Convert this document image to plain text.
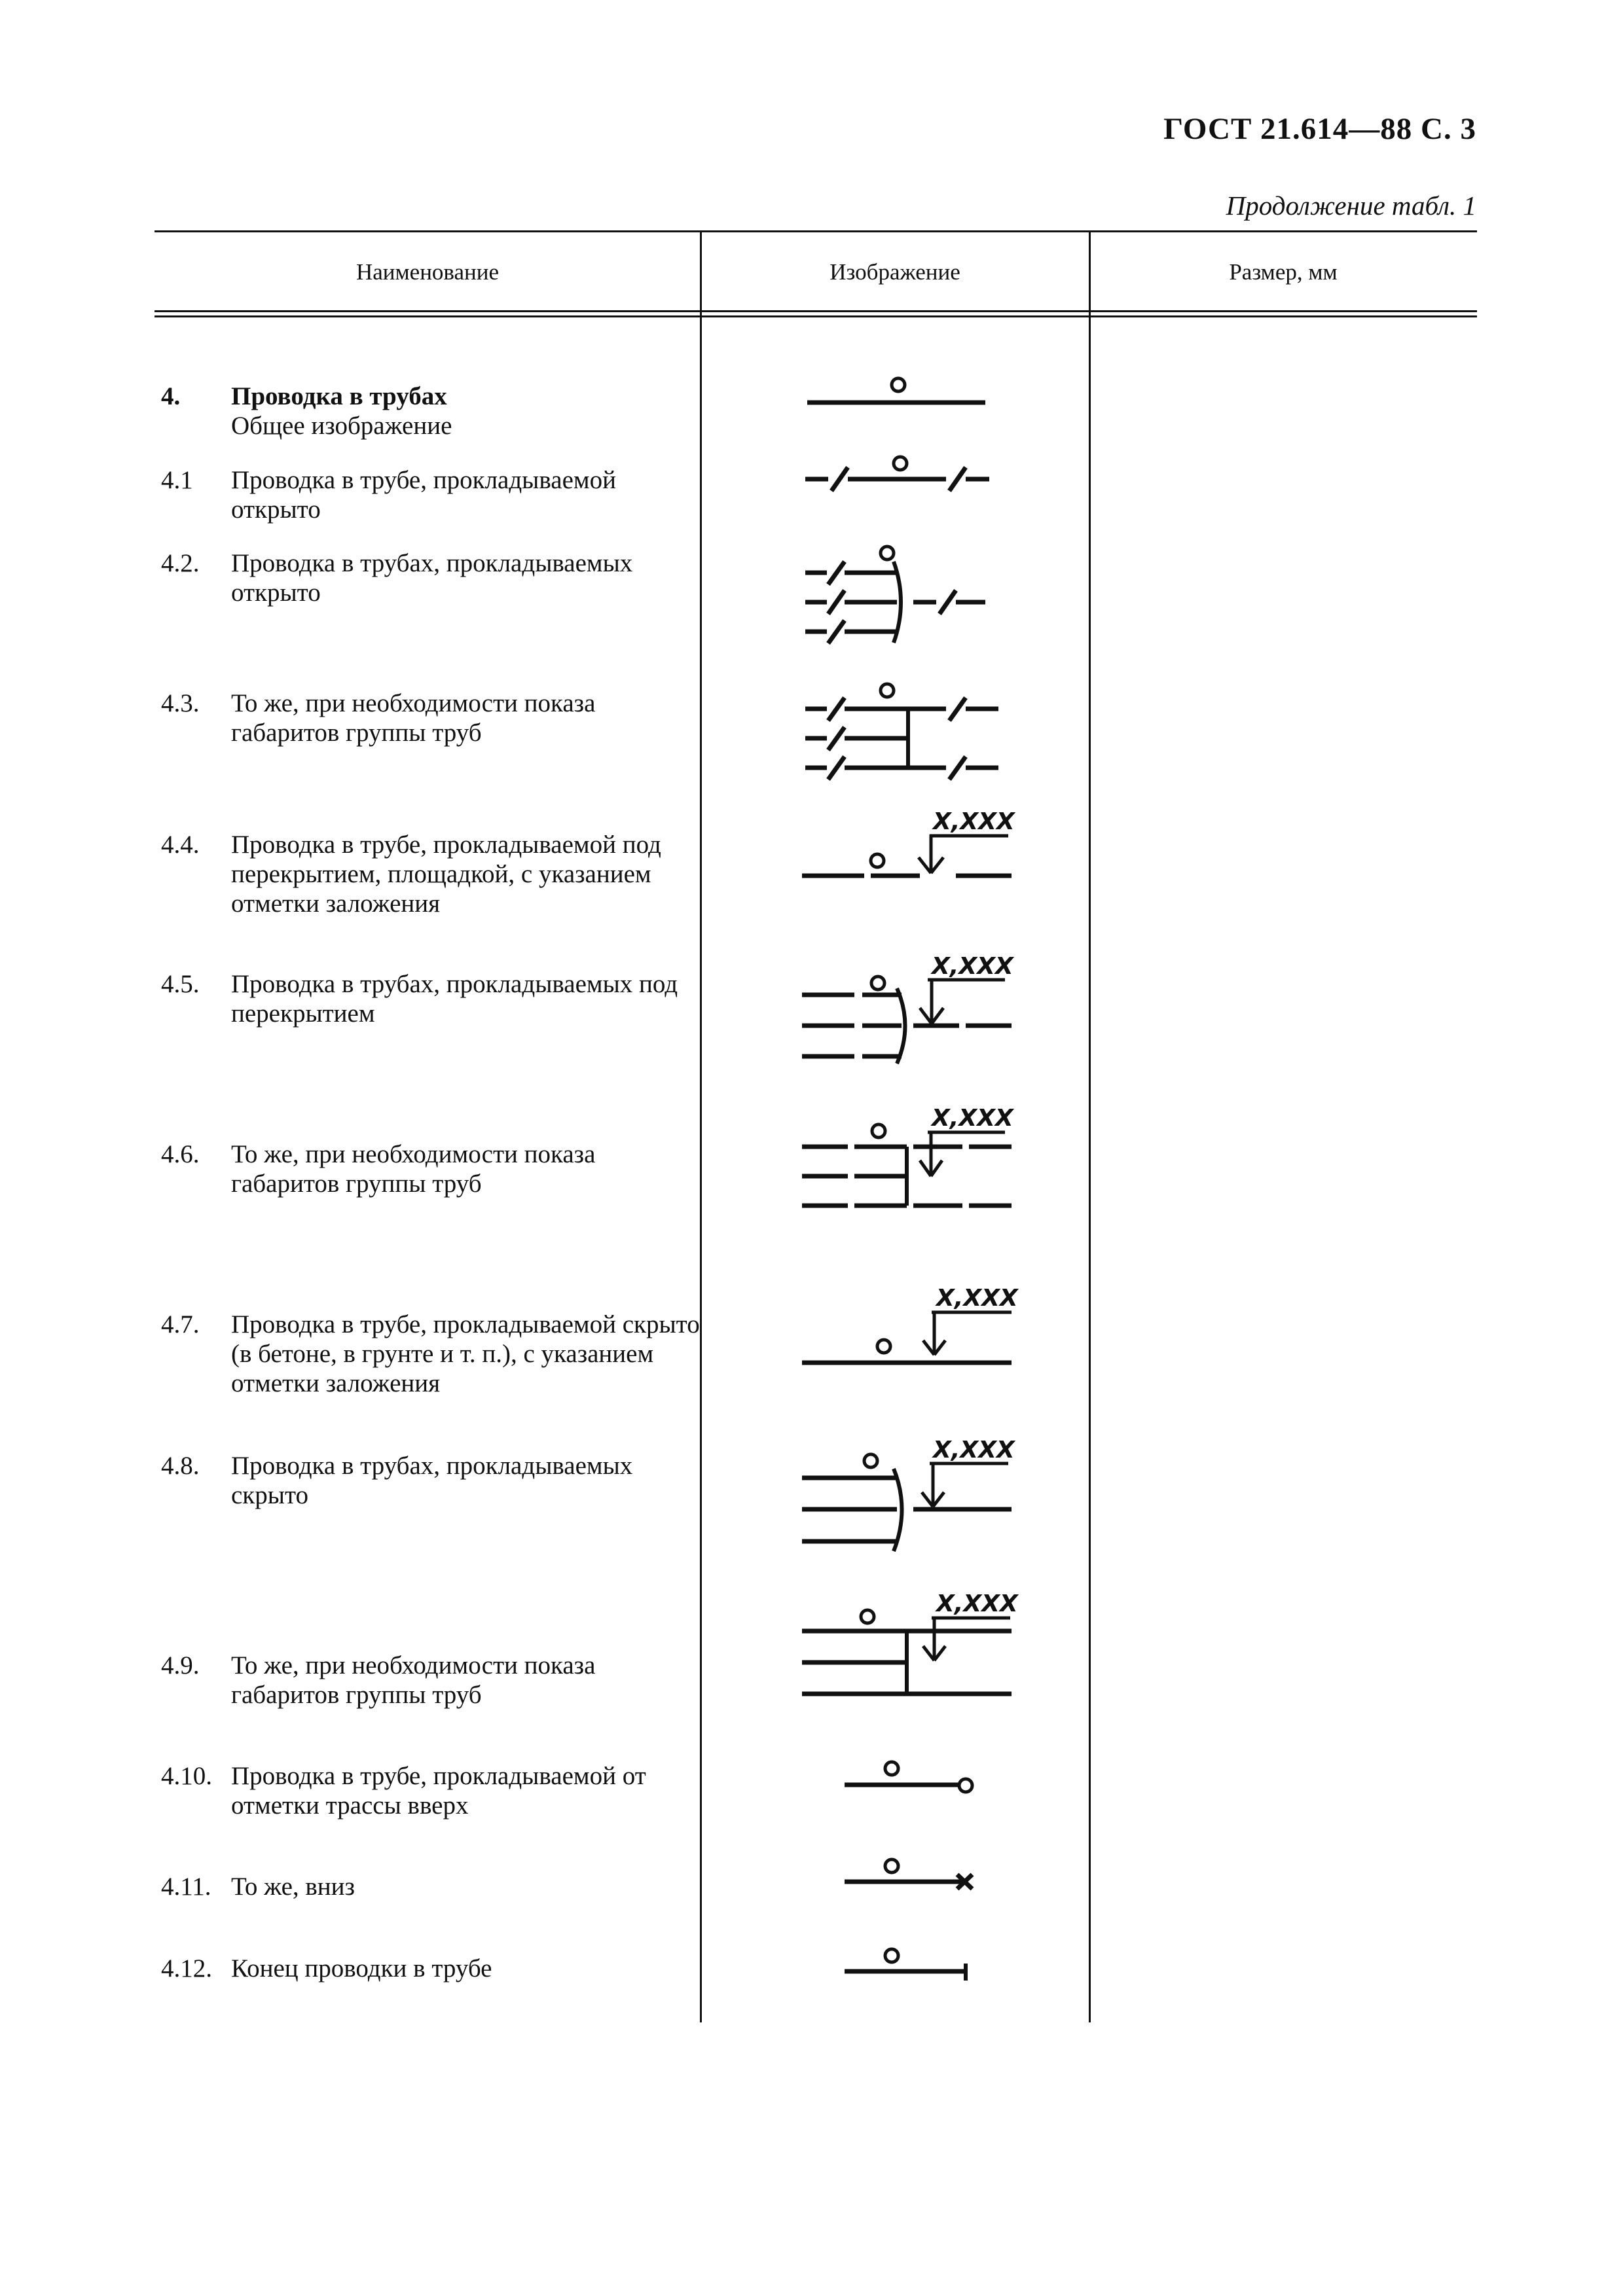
ГОСТ 21.614—88 С. 3
Продолжение табл. 1
Наименование	Изображение	Размер, мм
4.
4.1
4.2.
4.3.
4.4.
4.5.
4.6.
4.7.
4.8.
4.9.
4.10.
4.11.
4.12.
Проводка в трубах
Общее изображение
Проводка в трубе, прокладываемой открыто
Проводка в трубах, прокладываемых открыто
То же, при необходимости показа габаритов группы труб
Проводка в трубе, прокладываемой под перекрытием, площадкой, с указанием отметки заложения
Проводка в трубах, прокладываемых под перекрытием
То же, при необходимости показа габаритов группы труб
Проводка в трубе, прокладываемой скрыто (в бетоне, в грунте и т. п.), с указанием отметки заложения
Проводка в трубах, прокладываемых скрыто
То же, при необходимости показа габаритов группы труб
Проводка в трубе, прокладываемой от отметки трассы вверх
То же, вниз
Конец проводки в трубе
X,XXX
X,XXX
X,XXX
X,XXX
X,XXX
X,XXX
